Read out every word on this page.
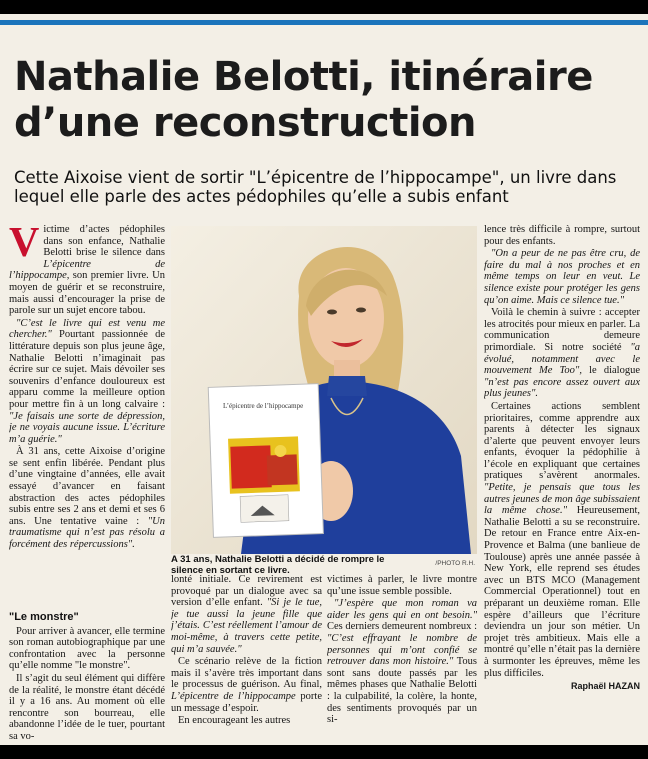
Nathalie Belotti, itinéraire
d’une reconstruction
Cette Aixoise vient de sortir "L’épicentre de l’hippocampe", un livre dans
lequel elle parle des actes pédophiles qu’elle a subis enfant

V ictime d’actes pédophiles dans son enfance, Nathalie Belotti brise le silence dans L’épicentre de l’hippocampe, son premier livre. Un moyen de guérir et se reconstruire, mais aussi d’encourager la prise de parole sur un sujet encore tabou.

"C’est le livre qui est venu me chercher." Pourtant passionnée de littérature depuis son plus jeune âge, Nathalie Belotti n’imaginait pas écrire sur ce sujet. Mais dévoiler ses souvenirs d’enfance douloureux est apparu comme la meilleure option pour mettre fin à un long calvaire : "Je faisais une sorte de dépression, je ne voyais aucune issue. L’écriture m’a guérie."

À 31 ans, cette Aixoise d’origine se sent enfin libérée. Pendant plus d’une vingtaine d’années, elle avait essayé d’avancer en faisant abstraction des actes pédophiles subis entre ses 2 ans et demi et ses 6 ans. Une tentative vaine : "Un traumatisme qui n’est pas résolu a forcément des répercussions".

"Le monstre"

Pour arriver à avancer, elle termine son roman autobiographique par une confrontation avec la personne qu’elle nomme "le monstre".

Il s’agit du seul élément qui diffère de la réalité, le monstre étant décédé il y a 16 ans. Au moment où elle rencontre son bourreau, elle abandonne l’idée de le tuer, pourtant sa vo-

L’épicentre de l’hippocampe
A 31 ans, Nathalie Belotti a décidé de rompre le silence en sortant ce livre.
/PHOTO R.H.

lonté initiale. Ce revirement est provoqué par un dialogue avec sa version d’elle enfant. "Si je le tue, je tue aussi la jeune fille que j’étais. C’est réellement l’amour de moi-même, à travers cette petite, qui m’a sauvée."

Ce scénario relève de la fiction mais il s’avère très important dans le processus de guérison. Au final, L’épicentre de l’hippocampe porte un message d’espoir.

En encourageant les autres

victimes à parler, le livre montre qu’une issue semble possible.

"J’espère que mon roman va aider les gens qui en ont besoin." Ces derniers demeurent nombreux : "C’est effrayant le nombre de personnes qui m’ont confié se retrouver dans mon histoire." Tous sont sans doute passés par les mêmes phases que Nathalie Belotti : la culpabilité, la colère, la honte, des sentiments provoqués par un si-

lence très difficile à rompre, surtout pour des enfants.

"On a peur de ne pas être cru, de faire du mal à nos proches et en même temps on leur en veut. Le silence existe pour protéger les gens qu’on aime. Mais ce silence tue."

Voilà le chemin à suivre : accepter les atrocités pour mieux en parler. La communication demeure primordiale. Si notre société "a évolué, notamment avec le mouvement Me Too", le dialogue "n’est pas encore assez ouvert aux plus jeunes".

Certaines actions semblent prioritaires, comme apprendre aux parents à détecter les signaux d’alerte que peuvent envoyer leurs enfants, évoquer la pédophilie à l’école en expliquant que certaines pratiques s’avèrent anormales. "Petite, je pensais que tous les autres jeunes de mon âge subissaient la même chose." Heureusement, Nathalie Belotti a su se reconstruire. De retour en France entre Aix-en-Provence et Balma (une banlieue de Toulouse) après une année passée à New York, elle reprend ses études avec un BTS MCO (Management Commercial Operationnel) tout en préparant un deuxième roman. Elle espère d’ailleurs que l’écriture deviendra un jour son métier. Un projet très ambitieux. Mais elle a montré qu’elle n’était pas la dernière à surmonter les épreuves, même les plus difficiles.

Raphaël HAZAN
